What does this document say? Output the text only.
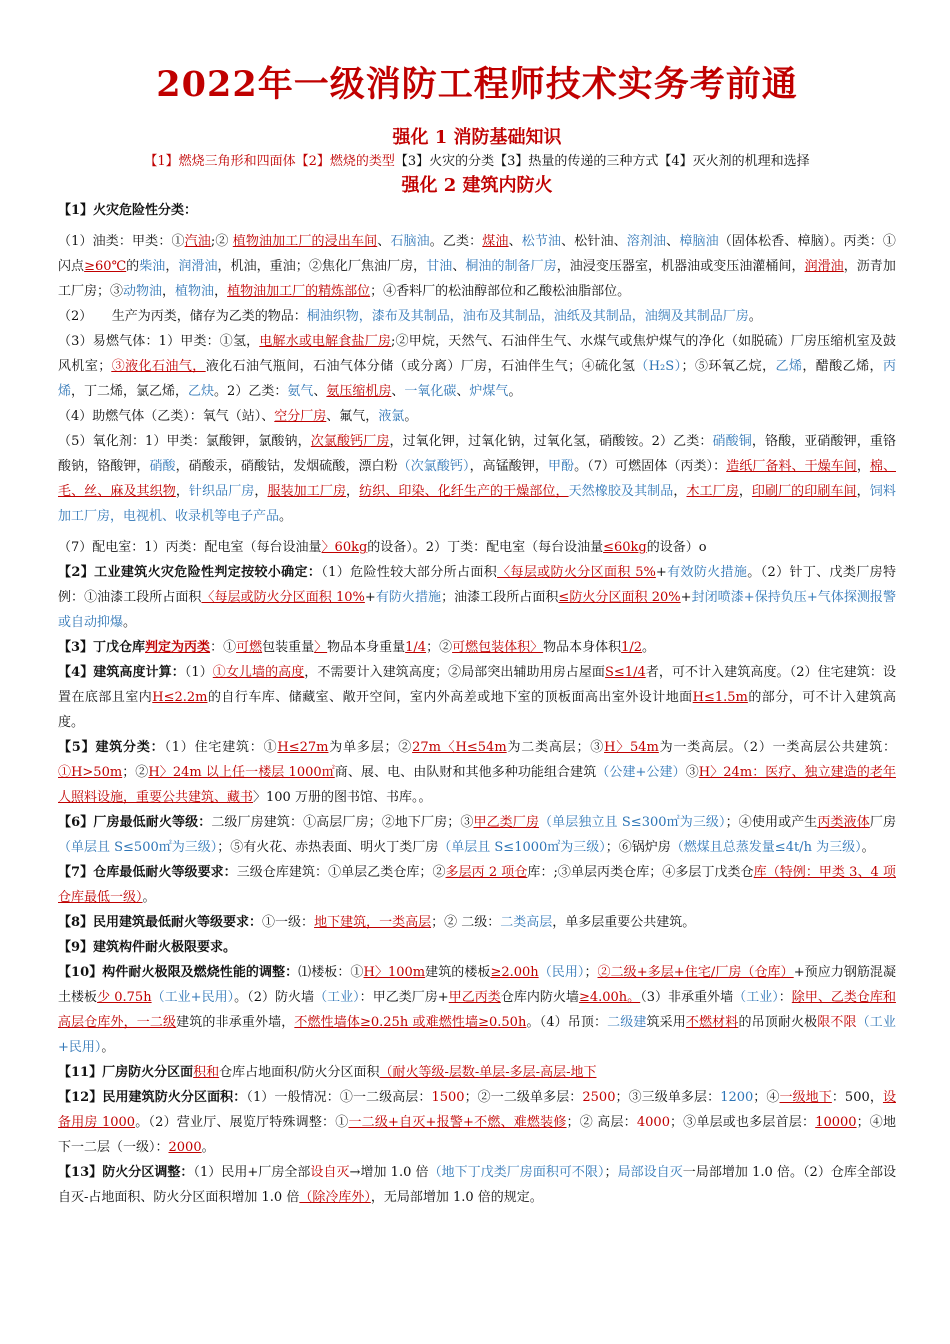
2022年一级消防工程师技术实务考前通
强化 1 消防基础知识
【1】燃烧三角形和四面体【2】燃烧的类型【3】火灾的分类【3】热量的传递的三种方式【4】灭火剂的机理和选择
强化 2 建筑内防火

【1】火灾危险性分类：

（1）油类：甲类：①汽油;② 植物油加工厂的浸出车间、石脑油。乙类：煤油、松节油、松针油、溶剂油、樟脑油（固体松香、樟脑）。丙类：①闪点≥60℃的柴油，润滑油，机油，重油；②焦化厂焦油厂房，甘油、桐油的制备厂房，油浸变压器室，机器油或变压油灌桶间，润滑油，沥青加工厂房；③动物油，植物油，植物油加工厂的精炼部位；④香料厂的松油醇部位和乙酸松油脂部位。

（2）　　生产为丙类，储存为乙类的物品：桐油织物，漆布及其制品，油布及其制品，油纸及其制品，油绸及其制品厂房。

（3）易燃气体：1）甲类：①氢，电解水或电解食盐厂房;②甲烷，天然气、石油伴生气、水煤气或焦炉煤气的净化（如脱硫）厂房压缩机室及鼓风机室；③液化石油气，液化石油气瓶间，石油气体分储（或分离）厂房，石油伴生气；④硫化氢（H₂S）；⑤环氧乙烷，乙烯，醋酸乙烯，丙烯，丁二烯，氯乙烯，乙炔。2）乙类：氨气、氨压缩机房、一氧化碳、炉煤气。

（4）助燃气体（乙类）：氧气（站）、空分厂房、氟气，液氯。

（5）氧化剂：1）甲类：氯酸钾，氯酸钠，次氯酸钙厂房，过氧化钾，过氧化钠，过氧化氢，硝酸铵。2）乙类：硝酸铜，铬酸，亚硝酸钾，重铬酸钠，铬酸钾，硝酸，硝酸汞，硝酸钴，发烟硫酸，漂白粉（次氯酸钙），高锰酸钾，甲酚。（7）可燃固体（丙类）：造纸厂备料、干燥车间，棉、毛、丝、麻及其织物，针织品厂房，服装加工厂房，纺织、印染、化纤生产的干燥部位，天然橡胶及其制品，木工厂房，印刷厂的印刷车间，饲料加工厂房，电视机、收录机等电子产品。

（7）配电室：1）丙类：配电室（每台设油量〉60kg的设备）。2）丁类：配电室（每台设油量≤60kg的设备）o

【2】工业建筑火灾危险性判定按较小确定：（1）危险性较大部分所占面积〈每层或防火分区面积 5%+有效防火措施。（2）针丁、戊类厂房特例：①油漆工段所占面积〈每层或防火分区面积 10%+有防火措施；油漆工段所占面积≤防火分区面积 20%+封闭喷漆+保持负压+气体探测报警或自动抑爆。

【3】丁戊仓库判定为丙类：①可燃包装重量〉物品本身重量1/4；②可燃包装体积〉物品本身体积1/2。

【4】建筑高度计算：（1）①女儿墙的高度，不需要计入建筑高度；②局部突出辅助用房占屋面S≤1/4者，可不计入建筑高度。（2）住宅建筑：设置在底部且室内H≤2.2m的自行车库、储藏室、敞开空间，室内外高差或地下室的顶板面高出室外设计地面H≤1.5m的部分，可不计入建筑高度。

【5】建筑分类：（1）住宅建筑：①H≤27m为单多层；②27m〈H≤54m为二类高层；③H〉54m为一类高层。（2）一类高层公共建筑：①H>50m；②H〉24m 以上任一楼层 1000㎡商、展、电、由队财和其他多种功能组合建筑（公建+公建）③H〉24m：医疗、独立建造的老年人照料设施，重要公共建筑、藏书〉100 万册的图书馆、书库。。

【6】厂房最低耐火等级：二级厂房建筑：①高层厂房；②地下厂房；③甲乙类厂房（单层独立且 S≤300㎡为三级）；④使用或产生丙类液体厂房（单层且 S≤500㎡为三级）；⑤有火花、赤热表面、明火丁类厂房（单层且 S≤1000㎡为三级）；⑥锅炉房（燃煤且总蒸发量≤4t/h 为三级）。

【7】仓库最低耐火等级要求：三级仓库建筑：①单层乙类仓库；②多层丙 2 项仓库：;③单层丙类仓库；④多层丁戊类仓库（特例：甲类 3、4 项仓库最低一级）。

【8】民用建筑最低耐火等级要求：①一级：地下建筑，一类高层；② 二级：二类高层，单多层重要公共建筑。

【9】建筑构件耐火极限要求。

【10】构件耐火极限及燃烧性能的调整：⑴楼板：①H〉100m建筑的楼板≥2.00h（民用）；②二级+多层+住宅/厂房（仓库）+预应力钢筋混凝土楼板少 0.75h（工业+民用）。（2）防火墙（工业）：甲乙类厂房+甲乙丙类仓库内防火墙≥4.00h。（3）非承重外墙（工业）：除甲、乙类仓库和高层仓库外，一二级建筑的非承重外墙，不燃性墙体≥0.25h 或难燃性墙≥0.50h。（4）吊顶：二级建筑采用不燃材料的吊顶耐火极限不限（工业+民用）。

【11】厂房防火分区面积和仓库占地面积/防火分区面积（耐火等级-层数-单层-多层-高层-地下

【12】民用建筑防火分区面积：（1）一般情况：①一二级高层：1500；②一二级单多层：2500；③三级单多层：1200；④一级地下：500，设备用房 1000。（2）营业厅、展览厅特殊调整：①一二级+自灭+报警+不燃、难燃装修；② 高层：4000；③单层或也多层首层：10000；④地下一二层（一级）：2000。

【13】防火分区调整：（1）民用+厂房全部设自灭→增加 1.0 倍（地下丁戊类厂房面积可不限）；局部设自灭一局部增加 1.0 倍。（2）仓库全部设自灭-占地面积、防火分区面积增加 1.0 倍（除冷库外），无局部增加 1.0 倍的规定。
